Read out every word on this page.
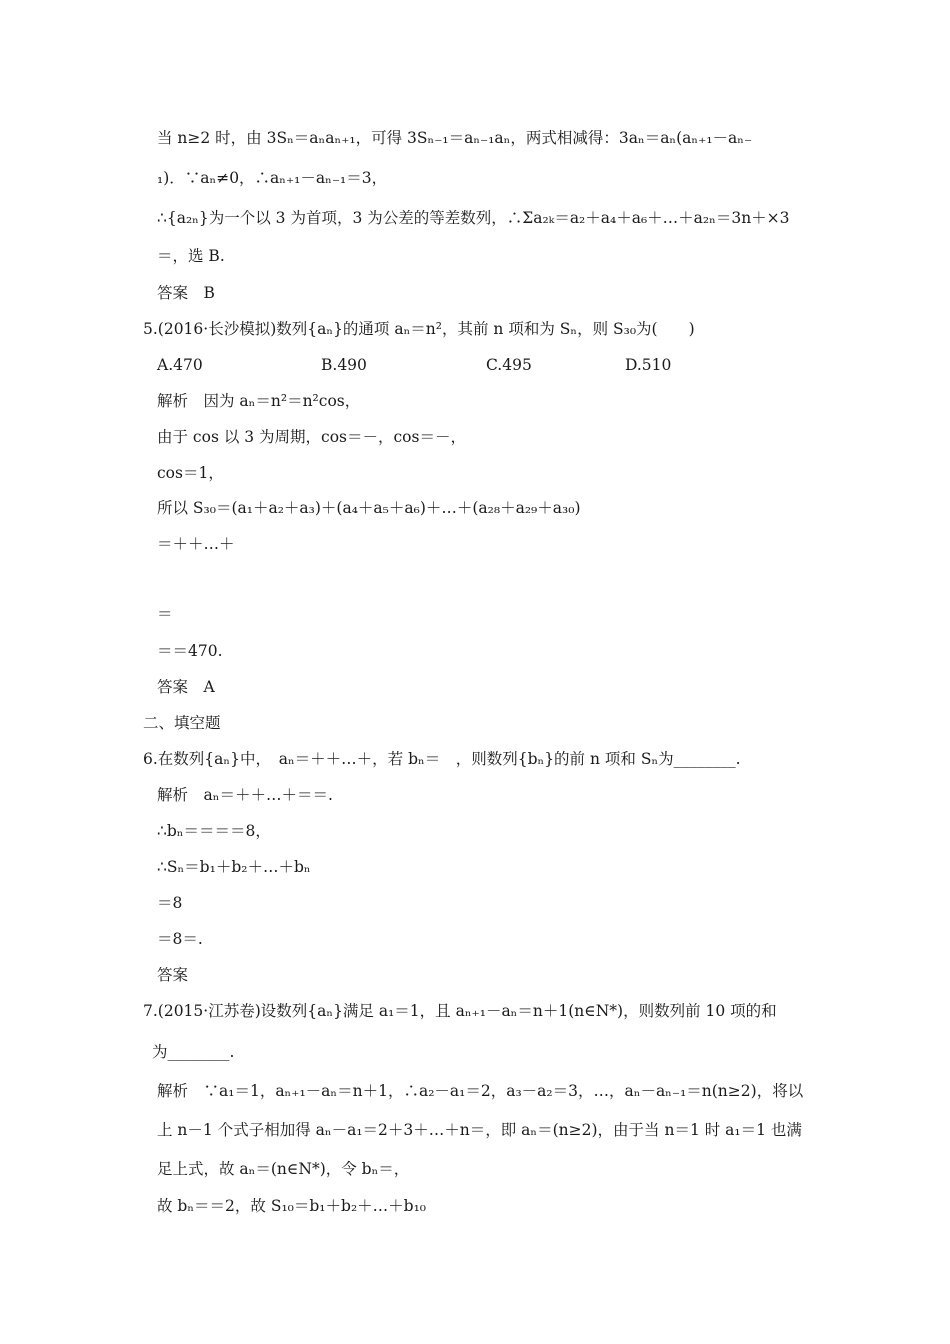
当 n≥2 时，由 3Sₙ＝aₙaₙ₊₁，可得 3Sₙ₋₁＝aₙ₋₁aₙ，两式相减得：3aₙ＝aₙ(aₙ₊₁－aₙ₋
₁)．∵aₙ≠0，∴aₙ₊₁－aₙ₋₁＝3，
∴{a₂ₙ}为一个以 3 为首项，3 为公差的等差数列，∴Σa₂ₖ＝a₂＋a₄＋a₆＋…＋a₂ₙ＝3n＋×3
＝，选 B.
答案　B
5.(2016·长沙模拟)数列{aₙ}的通项 aₙ＝n²，其前 n 项和为 Sₙ，则 S₃₀为(　　)
A.470	B.490	C.495	D.510
解析　因为 aₙ＝n²＝n²cos，
由于 cos 以 3 为周期，cos＝－，cos＝－，
cos＝1，
所以 S₃₀＝(a₁＋a₂＋a₃)＋(a₄＋a₅＋a₆)＋…＋(a₂₈＋a₂₉＋a₃₀)
＝＋＋…＋
＝
＝＝470.
答案　A
二、填空题
6.在数列{aₙ}中，　aₙ＝＋＋…＋，若 bₙ＝　，则数列{bₙ}的前 n 项和 Sₙ为________.
解析　aₙ＝＋＋…＋＝＝.
∴bₙ＝＝＝＝8，
∴Sₙ＝b₁＋b₂＋…＋bₙ
＝8
＝8＝.
答案
7.(2015·江苏卷)设数列{aₙ}满足 a₁＝1，且 aₙ₊₁－aₙ＝n＋1(n∈N*)，则数列前 10 项的和
为________.
解析　∵a₁＝1，aₙ₊₁－aₙ＝n＋1，∴a₂－a₁＝2，a₃－a₂＝3，…，aₙ－aₙ₋₁＝n(n≥2)，将以
上 n－1 个式子相加得 aₙ－a₁＝2＋3＋…＋n＝，即 aₙ＝(n≥2)，由于当 n＝1 时 a₁＝1 也满
足上式，故 aₙ＝(n∈N*)，令 bₙ＝，
故 bₙ＝＝2，故 S₁₀＝b₁＋b₂＋…＋b₁₀
